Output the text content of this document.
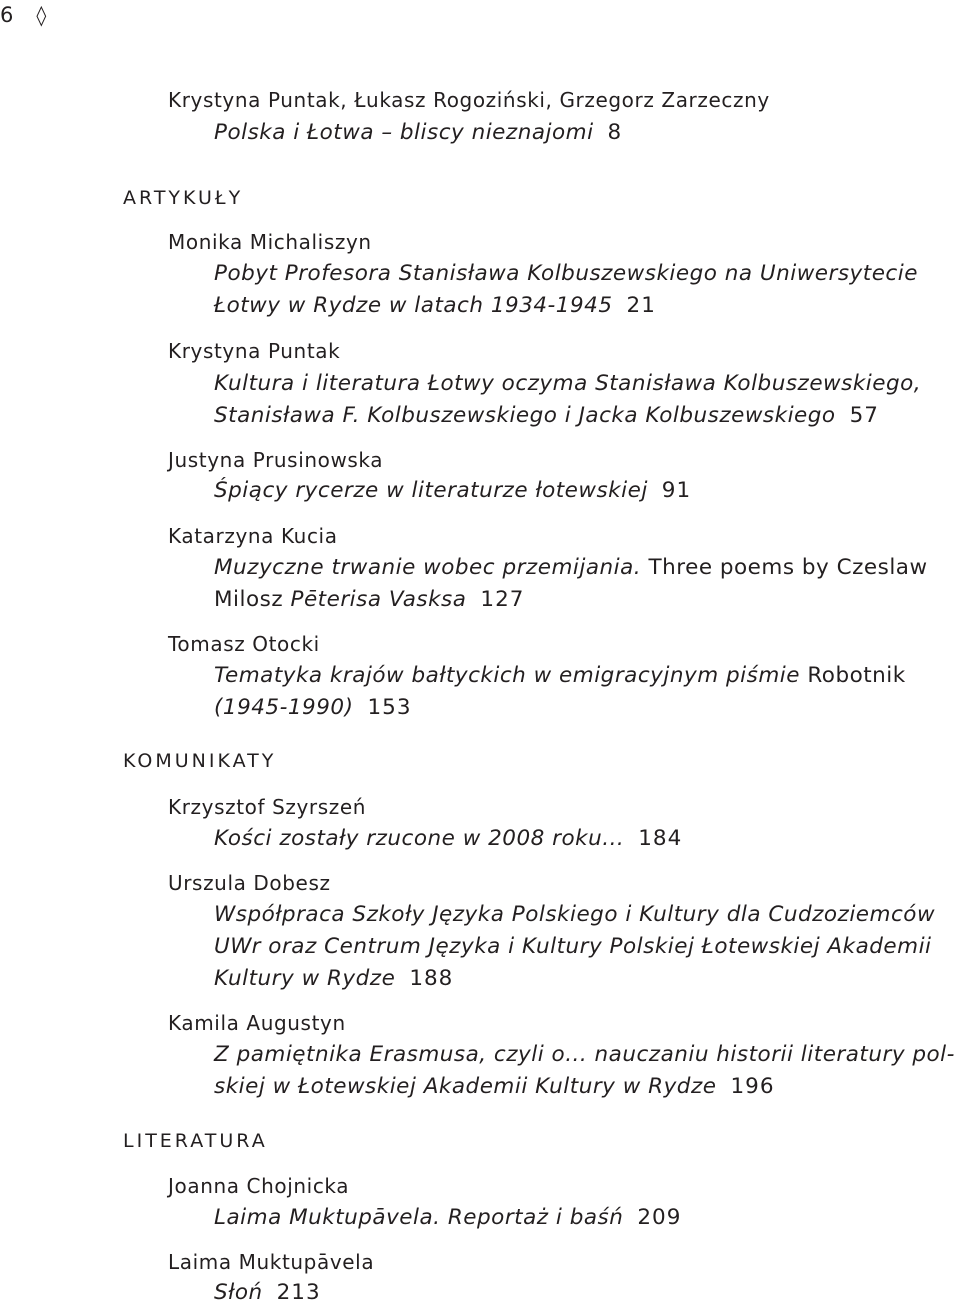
6 ◊
Krystyna Puntak, Łukasz Rogoziński, Grzegorz Zarzeczny
Polska i Łotwa – bliscy nieznajomi 8
ARTYKUŁY
Monika Michaliszyn
Pobyt Profesora Stanisława Kolbuszewskiego na Uniwersytecie
Łotwy w Rydze w latach 1934-1945 21
Krystyna Puntak
Kultura i literatura Łotwy oczyma Stanisława Kolbuszewskiego,
Stanisława F. Kolbuszewskiego i Jacka Kolbuszewskiego 57
Justyna Prusinowska
Śpiący rycerze w literaturze łotewskiej 91
Katarzyna Kucia
Muzyczne trwanie wobec przemijania. Three poems by Czeslaw
Milosz Pēterisa Vasksa 127
Tomasz Otocki
Tematyka krajów bałtyckich w emigracyjnym piśmie Robotnik
(1945-1990) 153
KOMUNIKATY
Krzysztof Szyrszeń
Kości zostały rzucone w 2008 roku... 184
Urszula Dobesz
Współpraca Szkoły Języka Polskiego i Kultury dla Cudzoziemców
UWr oraz Centrum Języka i Kultury Polskiej Łotewskiej Akademii
Kultury w Rydze 188
Kamila Augustyn
Z pamiętnika Erasmusa, czyli o... nauczaniu historii literatury pol-
skiej w Łotewskiej Akademii Kultury w Rydze 196
LITERATURA
Joanna Chojnicka
Laima Muktupāvela. Reportaż i baśń 209
Laima Muktupāvela
Słoń 213
